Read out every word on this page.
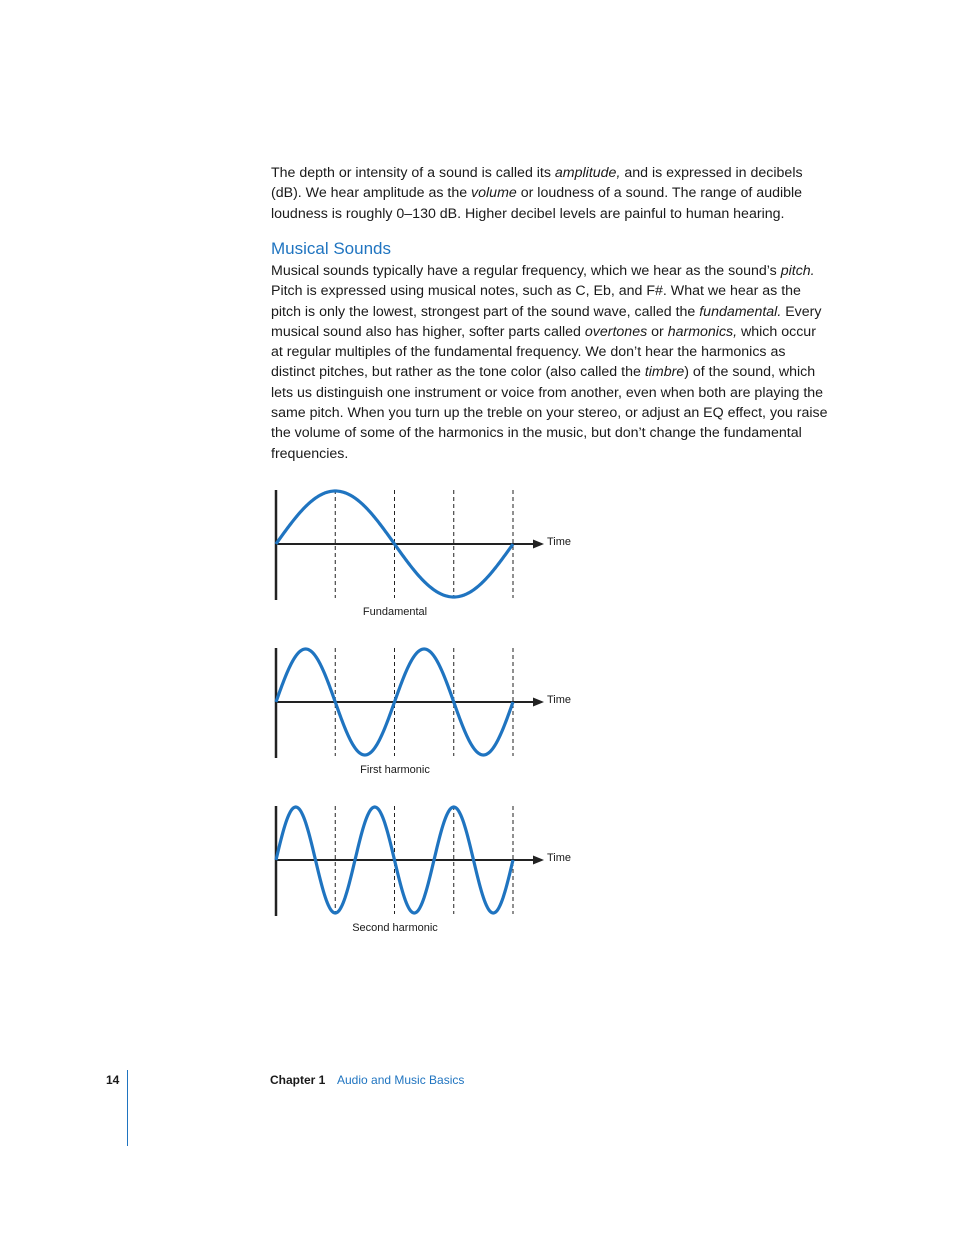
The depth or intensity of a sound is called its amplitude, and is expressed in decibels (dB). We hear amplitude as the volume or loudness of a sound. The range of audible loudness is roughly 0–130 dB. Higher decibel levels are painful to human hearing.

Musical Sounds

Musical sounds typically have a regular frequency, which we hear as the sound’s pitch. Pitch is expressed using musical notes, such as C, Eb, and F#. What we hear as the pitch is only the lowest, strongest part of the sound wave, called the fundamental. Every musical sound also has higher, softer parts called overtones or harmonics, which occur at regular multiples of the fundamental frequency. We don’t hear the harmonics as distinct pitches, but rather as the tone color (also called the timbre) of the sound, which lets us distinguish one instrument or voice from another, even when both are playing the same pitch. When you turn up the treble on your stereo, or adjust an EQ effect, you raise the volume of some of the harmonics in the music, but don’t change the fundamental frequencies.

Time
Fundamental
Time
First harmonic
Time
Second harmonic
14	Chapter 1 Audio and Music Basics
